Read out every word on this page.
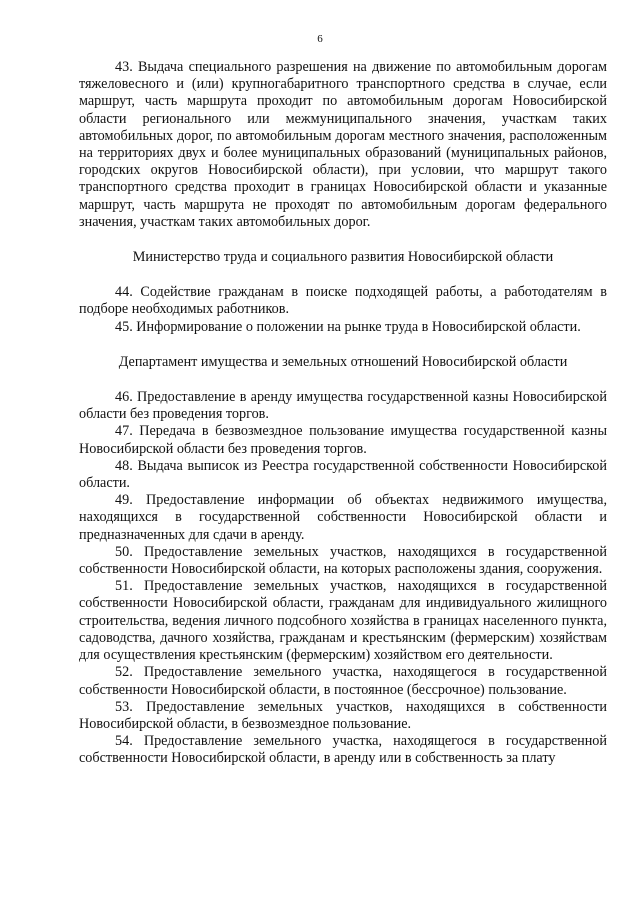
6

43. Выдача специального разрешения на движение по автомобильным дорогам тяжеловесного и (или) крупногабаритного транспортного средства в случае, если маршрут, часть маршрута проходит по автомобильным дорогам Новосибирской области регионального или межмуниципального значения, участкам таких автомобильных дорог, по автомобильным дорогам местного значения, расположенным на территориях двух и более муниципальных образований (муниципальных районов, городских округов Новосибирской области), при условии, что маршрут такого транспортного средства проходит в границах Новосибирской области и указанные маршрут, часть маршрута не проходят по автомобильным дорогам федерального значения, участкам таких автомобильных дорог.

Министерство труда и социального развития Новосибирской области

44. Содействие гражданам в поиске подходящей работы, а работодателям в подборе необходимых работников.

45. Информирование о положении на рынке труда в Новосибирской области.

Департамент имущества и земельных отношений Новосибирской области

46. Предоставление в аренду имущества государственной казны Новосибирской области без проведения торгов.

47. Передача в безвозмездное пользование имущества государственной казны Новосибирской области без проведения торгов.

48. Выдача выписок из Реестра государственной собственности Новосибирской области.

49. Предоставление информации об объектах недвижимого имущества, находящихся в государственной собственности Новосибирской области и предназначенных для сдачи в аренду.

50. Предоставление земельных участков, находящихся в государственной собственности Новосибирской области, на которых расположены здания, сооружения.

51. Предоставление земельных участков, находящихся в государственной собственности Новосибирской области, гражданам для индивидуального жилищного строительства, ведения личного подсобного хозяйства в границах населенного пункта, садоводства, дачного хозяйства, гражданам и крестьянским (фермерским) хозяйствам для осуществления крестьянским (фермерским) хозяйством его деятельности.

52. Предоставление земельного участка, находящегося в государственной собственности Новосибирской области, в постоянное (бессрочное) пользование.

53. Предоставление земельных участков, находящихся в собственности Новосибирской области, в безвозмездное пользование.

54. Предоставление земельного участка, находящегося в государственной собственности Новосибирской области, в аренду или в собственность за плату
